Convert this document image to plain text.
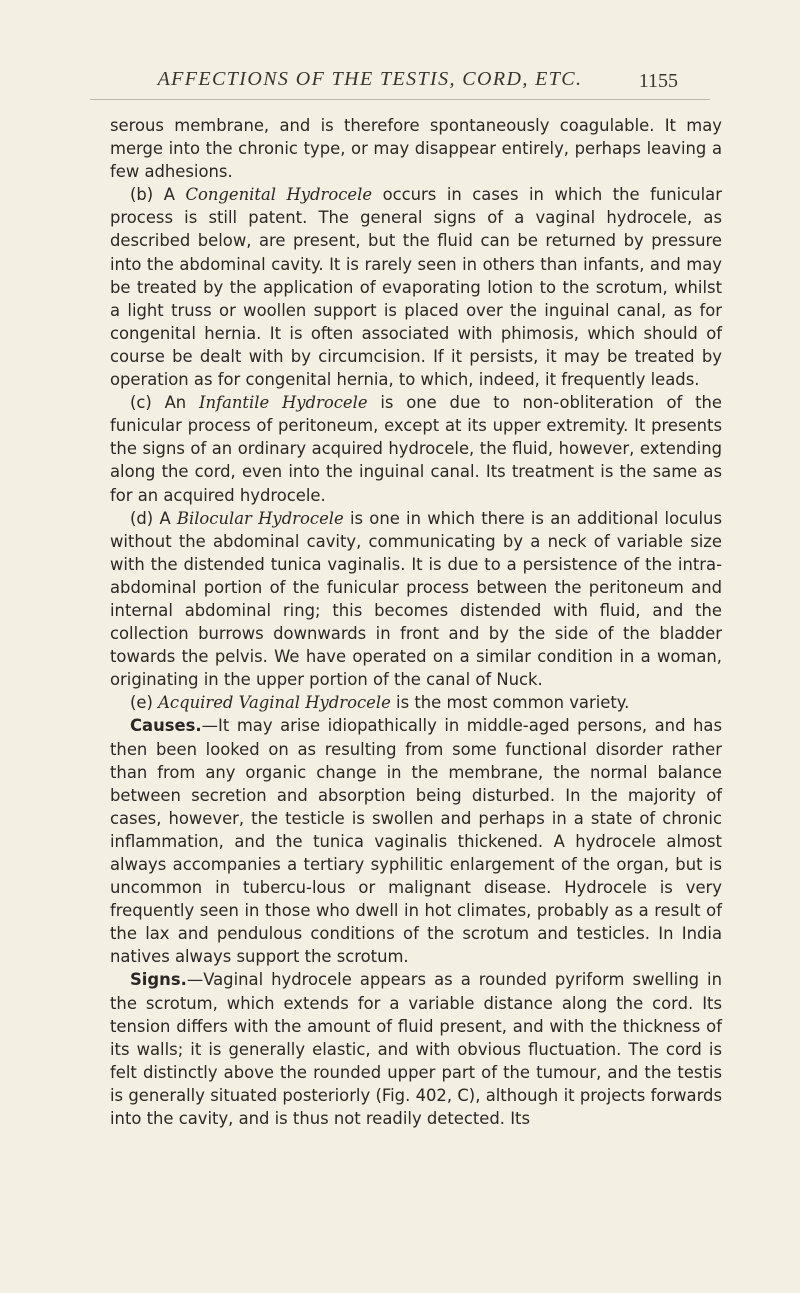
AFFECTIONS OF THE TESTIS, CORD, ETC.	1155

serous membrane, and is therefore spontaneously coagulable. It may merge into the chronic type, or may disappear entirely, perhaps leaving a few adhesions.

(b) A Congenital Hydrocele occurs in cases in which the funicular process is still patent. The general signs of a vaginal hydrocele, as described below, are present, but the fluid can be returned by pressure into the abdominal cavity. It is rarely seen in others than infants, and may be treated by the application of evaporating lotion to the scrotum, whilst a light truss or woollen support is placed over the inguinal canal, as for congenital hernia. It is often associated with phimosis, which should of course be dealt with by circumcision. If it persists, it may be treated by operation as for congenital hernia, to which, indeed, it frequently leads.

(c) An Infantile Hydrocele is one due to non-obliteration of the funicular process of peritoneum, except at its upper extremity. It presents the signs of an ordinary acquired hydrocele, the fluid, however, extending along the cord, even into the inguinal canal. Its treatment is the same as for an acquired hydrocele.

(d) A Bilocular Hydrocele is one in which there is an additional loculus without the abdominal cavity, communicating by a neck of variable size with the distended tunica vaginalis. It is due to a persistence of the intra-abdominal portion of the funicular process between the peritoneum and internal abdominal ring; this becomes distended with fluid, and the collection burrows downwards in front and by the side of the bladder towards the pelvis. We have operated on a similar condition in a woman, originating in the upper portion of the canal of Nuck.

(e) Acquired Vaginal Hydrocele is the most common variety.

Causes.—It may arise idiopathically in middle-aged persons, and has then been looked on as resulting from some functional disorder rather than from any organic change in the membrane, the normal balance between secretion and absorption being disturbed. In the majority of cases, however, the testicle is swollen and perhaps in a state of chronic inflammation, and the tunica vaginalis thickened. A hydrocele almost always accompanies a tertiary syphilitic enlargement of the organ, but is uncommon in tubercu-lous or malignant disease. Hydrocele is very frequently seen in those who dwell in hot climates, probably as a result of the lax and pendulous conditions of the scrotum and testicles. In India natives always support the scrotum.

Signs.—Vaginal hydrocele appears as a rounded pyriform swelling in the scrotum, which extends for a variable distance along the cord. Its tension differs with the amount of fluid present, and with the thickness of its walls; it is generally elastic, and with obvious fluctuation. The cord is felt distinctly above the rounded upper part of the tumour, and the testis is generally situated posteriorly (Fig. 402, C), although it projects forwards into the cavity, and is thus not readily detected. Its
